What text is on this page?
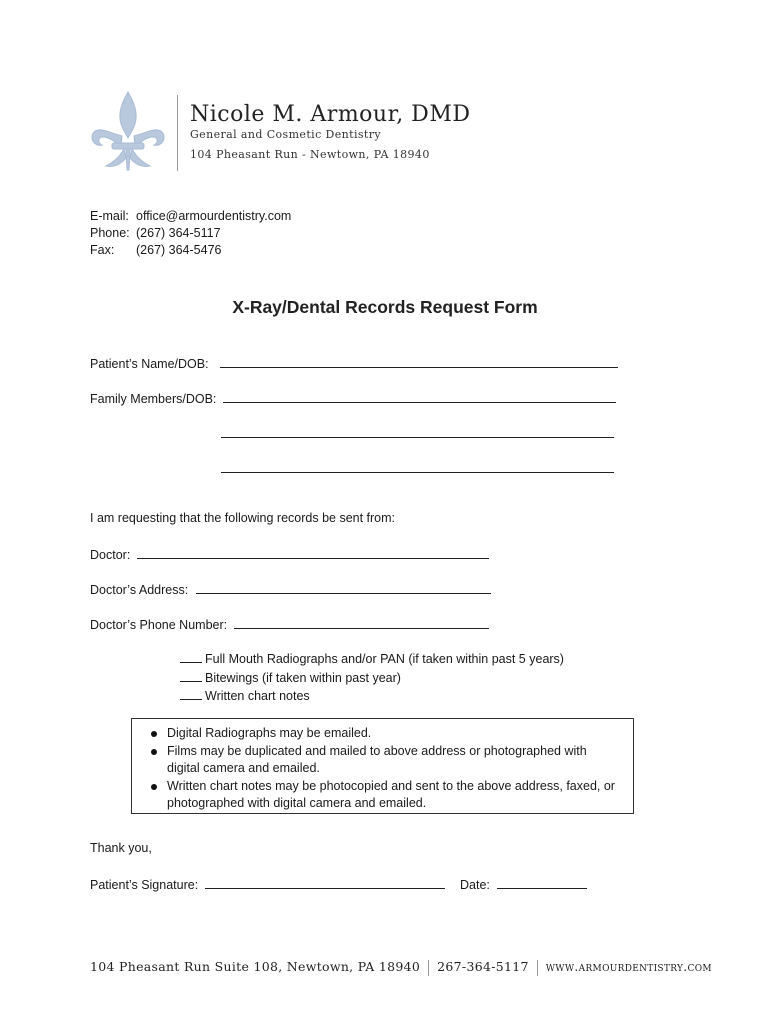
Nicole M. Armour, DMD
General and Cosmetic Dentistry
104 Pheasant Run - Newtown, PA 18940
E-mail: office@armourdentistry.com
Phone: (267) 364-5117
Fax: (267) 364-5476
X-Ray/Dental Records Request Form
Patient’s Name/DOB:
Family Members/DOB:
I am requesting that the following records be sent from:
Doctor:
Doctor’s Address:
Doctor’s Phone Number:
Full Mouth Radiographs and/or PAN (if taken within past 5 years)
Bitewings (if taken within past year)
Written chart notes
Digital Radiographs may be emailed.
Films may be duplicated and mailed to above address or photographed with digital camera and emailed.
Written chart notes may be photocopied and sent to the above address, faxed, or photographed with digital camera and emailed.
Thank you,
Patient’s Signature:	Date:
104 Pheasant Run Suite 108, Newtown, PA 18940 267-364-5117 www.armourdentistry.com
